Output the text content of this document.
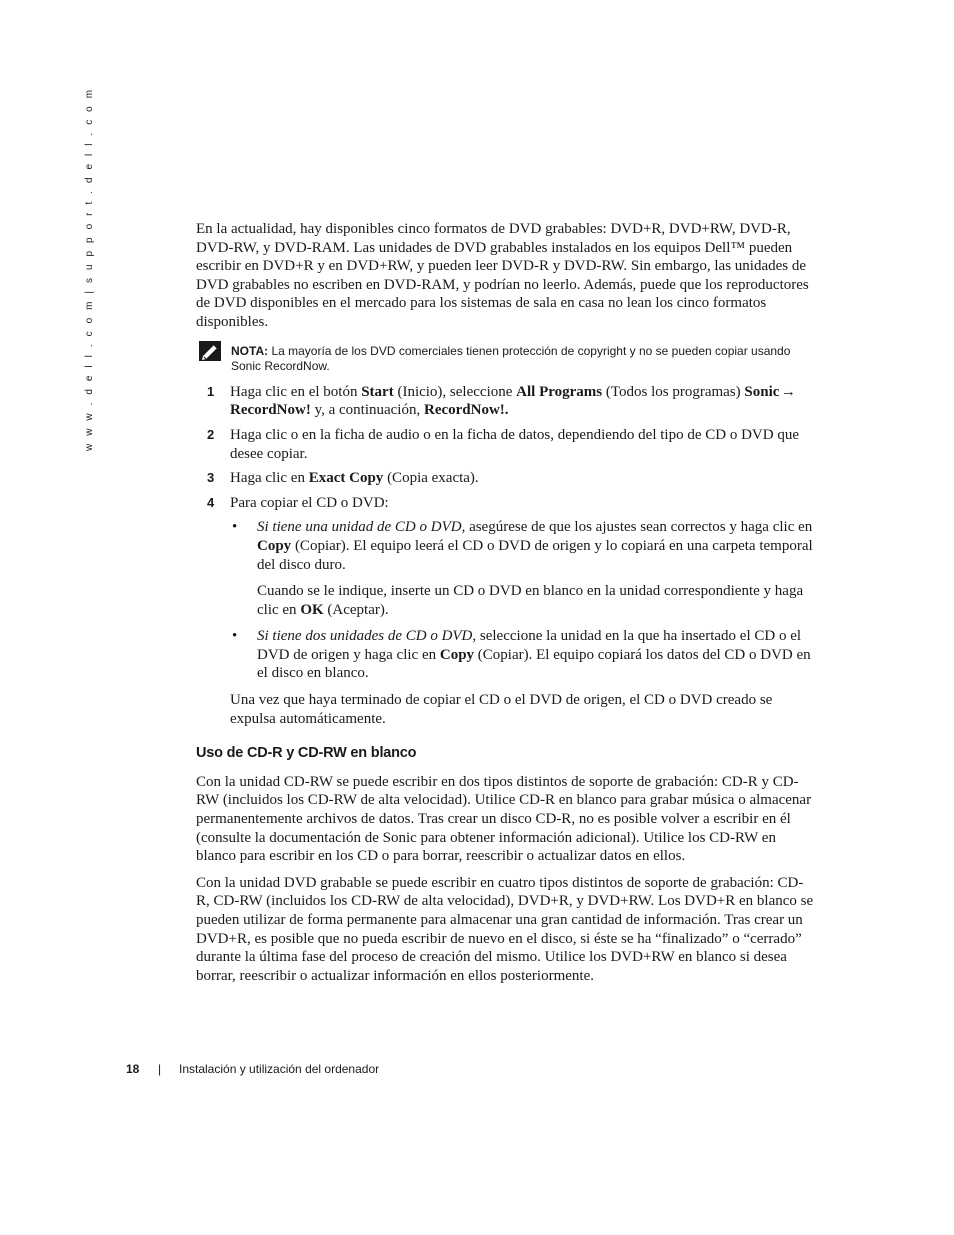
w w w . d e l l . c o m | s u p p o r t . d e l l . c o m	En la actualidad, hay disponibles cinco formatos de DVD grabables: DVD+R, DVD+RW, DVD-R, DVD-RW, y DVD-RAM. Las unidades de DVD grabables instalados en los equipos Dell™ pueden escribir en DVD+R y en DVD+RW, y pueden leer DVD-R y DVD-RW. Sin embargo, las unidades de DVD grabables no escriben en DVD-RAM, y podrían no leerlo. Además, puede que los reproductores de DVD disponibles en el mercado para los sistemas de sala en casa no lean los cinco formatos disponibles.

NOTA: La mayoría de los DVD comerciales tienen protección de copyright y no se pueden copiar usando Sonic RecordNow.
1 Haga clic en el botón Start (Inicio), seleccione All Programs (Todos los programas) Sonic →RecordNow! y, a continuación, RecordNow!.
2 Haga clic o en la ficha de audio o en la ficha de datos, dependiendo del tipo de CD o DVD que desee copiar.
3 Haga clic en Exact Copy (Copia exacta).
4 Para copiar el CD o DVD:
• Si tiene una unidad de CD o DVD, asegúrese de que los ajustes sean correctos y haga clic en Copy (Copiar). El equipo leerá el CD o DVD de origen y lo copiará en una carpeta temporal del disco duro.

Cuando se le indique, inserte un CD o DVD en blanco en la unidad correspondiente y haga clic en OK (Aceptar).

• Si tiene dos unidades de CD o DVD, seleccione la unidad en la que ha insertado el CD o el DVD de origen y haga clic en Copy (Copiar). El equipo copiará los datos del CD o DVD en el disco en blanco.

Una vez que haya terminado de copiar el CD o el DVD de origen, el CD o DVD creado se expulsa automáticamente.

Uso de CD-R y CD-RW en blanco

Con la unidad CD-RW se puede escribir en dos tipos distintos de soporte de grabación: CD-R y CD-RW (incluidos los CD-RW de alta velocidad). Utilice CD-R en blanco para grabar música o almacenar permanentemente archivos de datos. Tras crear un disco CD-R, no es posible volver a escribir en él (consulte la documentación de Sonic para obtener información adicional). Utilice los CD-RW en blanco para escribir en los CD o para borrar, reescribir o actualizar datos en ellos.

Con la unidad DVD grabable se puede escribir en cuatro tipos distintos de soporte de grabación: CD-R, CD-RW (incluidos los CD-RW de alta velocidad), DVD+R, y DVD+RW. Los DVD+R en blanco se pueden utilizar de forma permanente para almacenar una gran cantidad de información. Tras crear un DVD+R, es posible que no pueda escribir de nuevo en el disco, si éste se ha “finalizado” o “cerrado” durante la última fase del proceso de creación del mismo. Utilice los DVD+RW en blanco si desea borrar, reescribir o actualizar información en ellos posteriormente.

18 | Instalación y utilización del ordenador
